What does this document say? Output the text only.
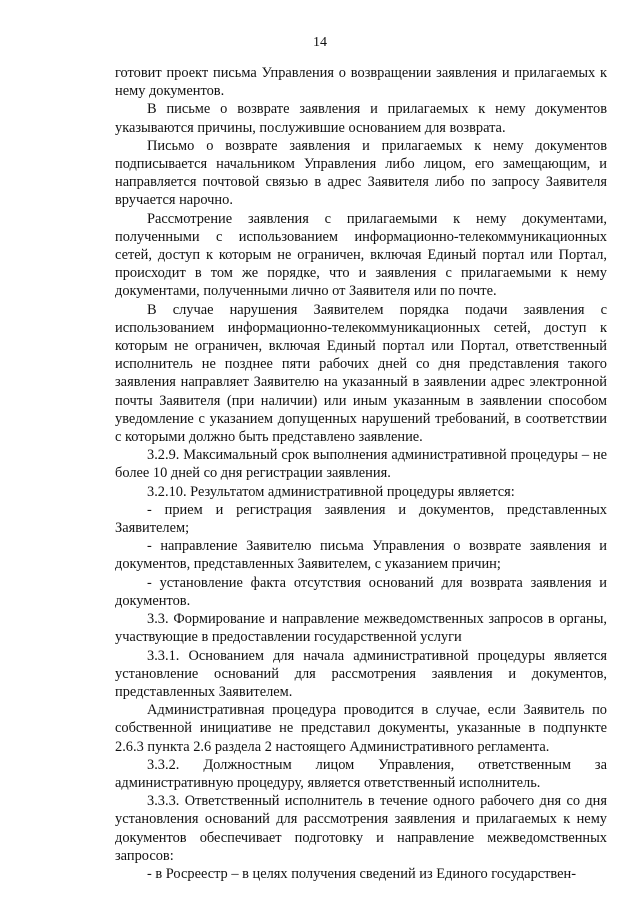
14

готовит проект письма Управления о возвращении заявления и прилагаемых к нему документов.

В письме о возврате заявления и прилагаемых к нему документов указываются причины, послужившие основанием для возврата.

Письмо о возврате заявления и прилагаемых к нему документов подписывается начальником Управления либо лицом, его замещающим, и направляется почтовой связью в адрес Заявителя либо по запросу Заявителя вручается нарочно.

Рассмотрение заявления с прилагаемыми к нему документами, полученными с использованием информационно-телекоммуникационных сетей, доступ к которым не ограничен, включая Единый портал или Портал, происходит в том же порядке, что и заявления с прилагаемыми к нему документами, полученными лично от Заявителя или по почте.

В случае нарушения Заявителем порядка подачи заявления с использованием информационно-телекоммуникационных сетей, доступ к которым не ограничен, включая Единый портал или Портал, ответственный исполнитель не позднее пяти рабочих дней со дня представления такого заявления направляет Заявителю на указанный в заявлении адрес электронной почты Заявителя (при наличии) или иным указанным в заявлении способом уведомление с указанием допущенных нарушений требований, в соответствии с которыми должно быть представлено заявление.

3.2.9. Максимальный срок выполнения административной процедуры – не более 10 дней со дня регистрации заявления.

3.2.10. Результатом административной процедуры является:

- прием и регистрация заявления и документов, представленных Заявителем;

- направление Заявителю письма Управления о возврате заявления и документов, представленных Заявителем, с указанием причин;

- установление факта отсутствия оснований для возврата заявления и документов.

3.3. Формирование и направление межведомственных запросов в органы, участвующие в предоставлении государственной услуги

3.3.1. Основанием для начала административной процедуры является установление оснований для рассмотрения заявления и документов, представленных Заявителем.

Административная процедура проводится в случае, если Заявитель по собственной инициативе не представил документы, указанные в подпункте 2.6.3 пункта 2.6 раздела 2 настоящего Административного регламента.

3.3.2. Должностным лицом Управления, ответственным за административную процедуру, является ответственный исполнитель.

3.3.3. Ответственный исполнитель в течение одного рабочего дня со дня установления оснований для рассмотрения заявления и прилагаемых к нему документов обеспечивает подготовку и направление межведомственных запросов:

- в Росреестр – в целях получения сведений из Единого государствен-
